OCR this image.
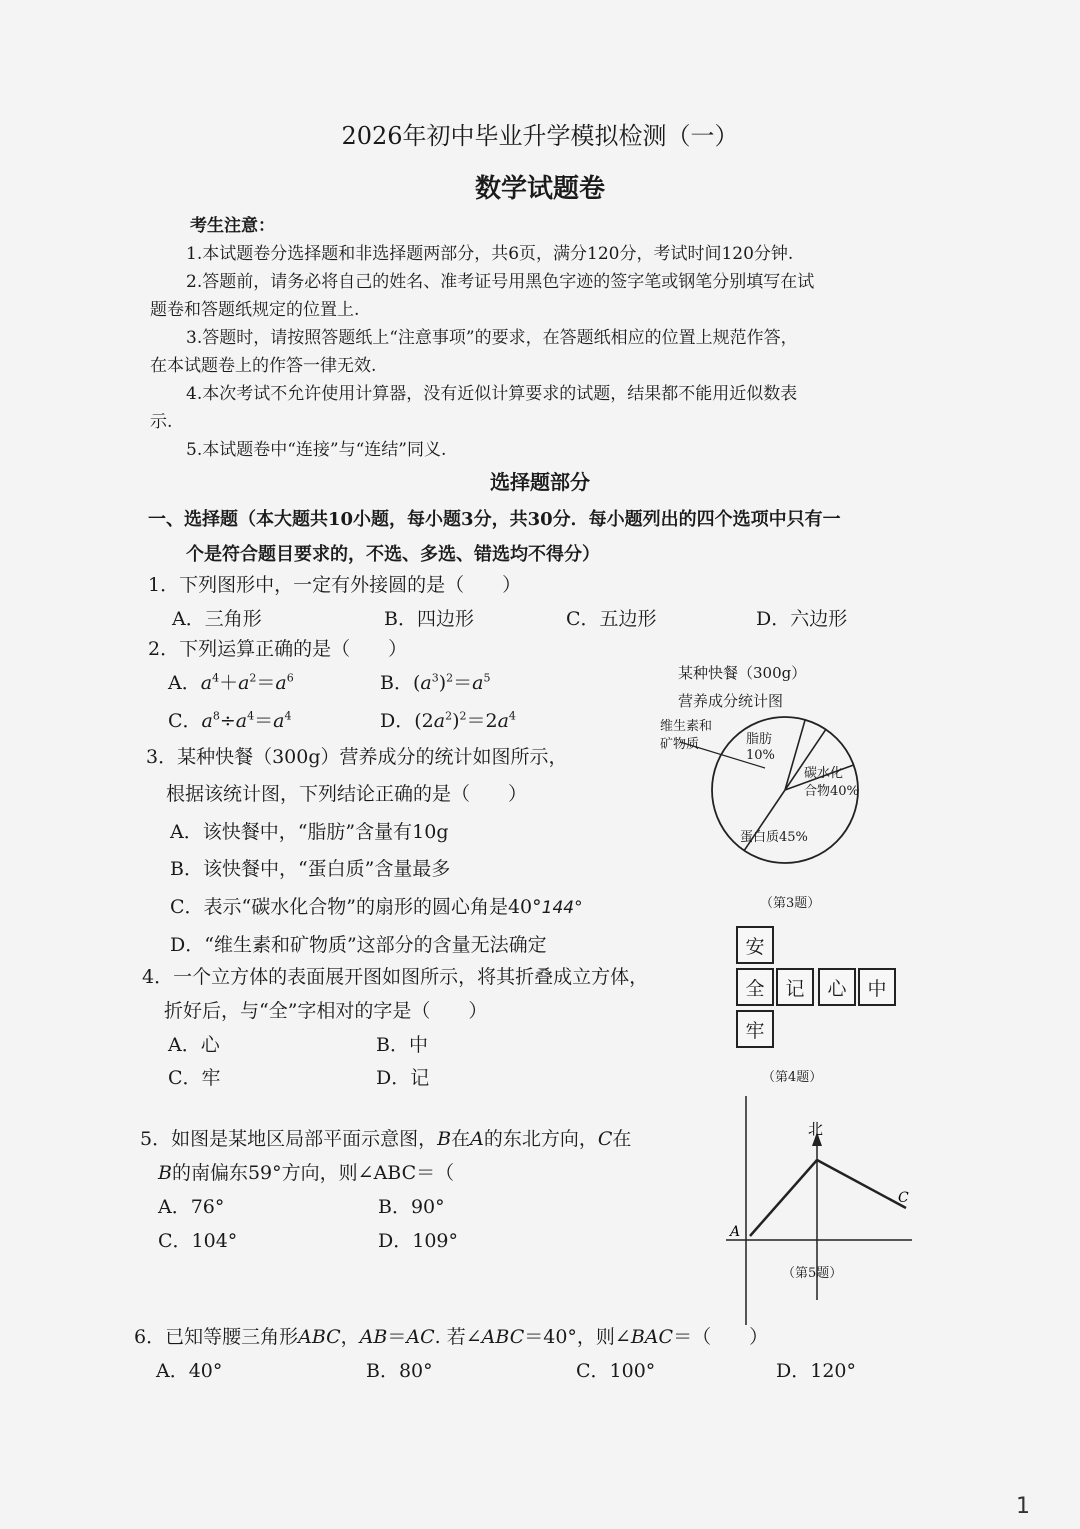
2026年初中毕业升学模拟检测（一）
数学试题卷
考生注意：
1.本试题卷分选择题和非选择题两部分，共6页，满分120分，考试时间120分钟.
2.答题前，请务必将自己的姓名、准考证号用黑色字迹的签字笔或钢笔分别填写在试
题卷和答题纸规定的位置上.
3.答题时，请按照答题纸上“注意事项”的要求，在答题纸相应的位置上规范作答，
在本试题卷上的作答一律无效.
4.本次考试不允许使用计算器，没有近似计算要求的试题，结果都不能用近似数表
示.
5.本试题卷中“连接”与“连结”同义.
选择题部分
一、选择题（本大题共10小题，每小题3分，共30分．每小题列出的四个选项中只有一
个是符合题目要求的，不选、多选、错选均不得分）
1．下列图形中，一定有外接圆的是（　　）
A．三角形	B．四边形	C．五边形	D．六边形
2．下列运算正确的是（　　）
A．$a^4+a^2=a^6$	B．$(a^3)^2=a^5$
C．$a^8\div a^4=a^4$	D．$(2a^2)^2=2a^4$
3．某种快餐（300g）营养成分的统计如图所示，
根据该统计图，下列结论正确的是（　　）
A．该快餐中，“脂肪”含量有10g
B．该快餐中，“蛋白质”含量最多
C．表示“碳水化合物”的扇形的圆心角是40°144°
D．“维生素和矿物质”这部分的含量无法确定
某种快餐（300g）
营养成分统计图
维生素和
矿物质	脂肪
10%
碳水化
合物40%
蛋白质45%
（第3题）
4．一个立方体的表面展开图如图所示，将其折叠成立方体，
折好后，与“全”字相对的字是（　　）
A．心	B．中
C．牢	D．记
安
全	记	心	中
牢
（第4题）
5．如图是某地区局部平面示意图，B在A的东北方向，C在
B的南偏东59°方向，则∠ABC＝（
A．76°	B．90°
C．104°	D．109°
北
A
C
（第5题）
6．已知等腰三角形ABC，AB＝AC. 若∠ABC＝40°，则∠BAC＝（　　）
A．40°	B．80°	C．100°	D．120°
1
